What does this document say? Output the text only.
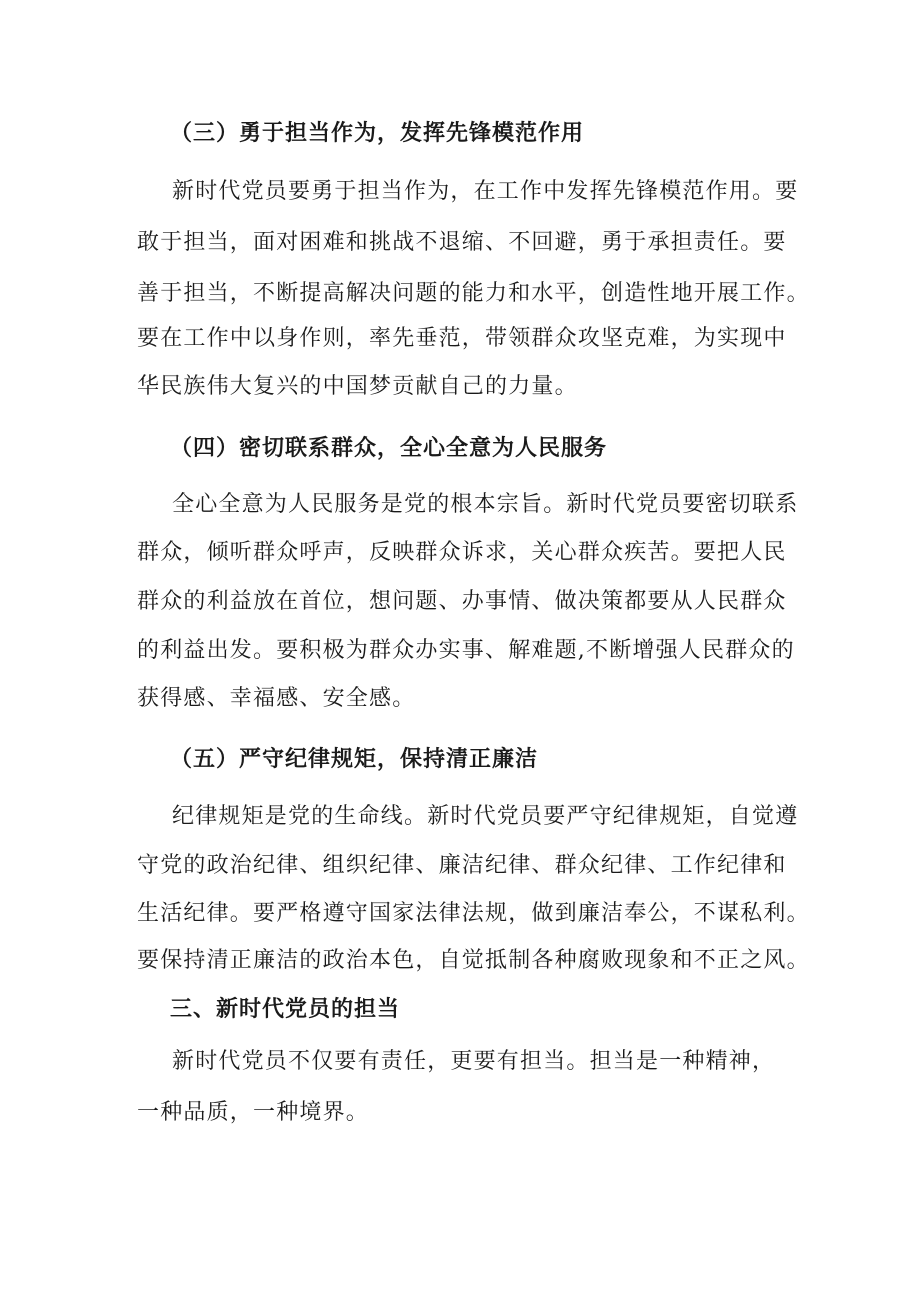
（三）勇于担当作为，发挥先锋模范作用
新时代党员要勇于担当作为，在工作中发挥先锋模范作用。要
敢于担当，面对困难和挑战不退缩、不回避，勇于承担责任。要
善于担当，不断提高解决问题的能力和水平，创造性地开展工作。
要在工作中以身作则，率先垂范，带领群众攻坚克难，为实现中
华民族伟大复兴的中国梦贡献自己的力量。
（四）密切联系群众，全心全意为人民服务
全心全意为人民服务是党的根本宗旨。新时代党员要密切联系
群众，倾听群众呼声，反映群众诉求，关心群众疾苦。要把人民
群众的利益放在首位，想问题、办事情、做决策都要从人民群众
的利益出发。要积极为群众办实事、解难题,不断增强人民群众的
获得感、幸福感、安全感。
（五）严守纪律规矩，保持清正廉洁
纪律规矩是党的生命线。新时代党员要严守纪律规矩，自觉遵
守党的政治纪律、组织纪律、廉洁纪律、群众纪律、工作纪律和
生活纪律。要严格遵守国家法律法规，做到廉洁奉公，不谋私利。
要保持清正廉洁的政治本色，自觉抵制各种腐败现象和不正之风。
三、新时代党员的担当
新时代党员不仅要有责任，更要有担当。担当是一种精神，
一种品质，一种境界。
